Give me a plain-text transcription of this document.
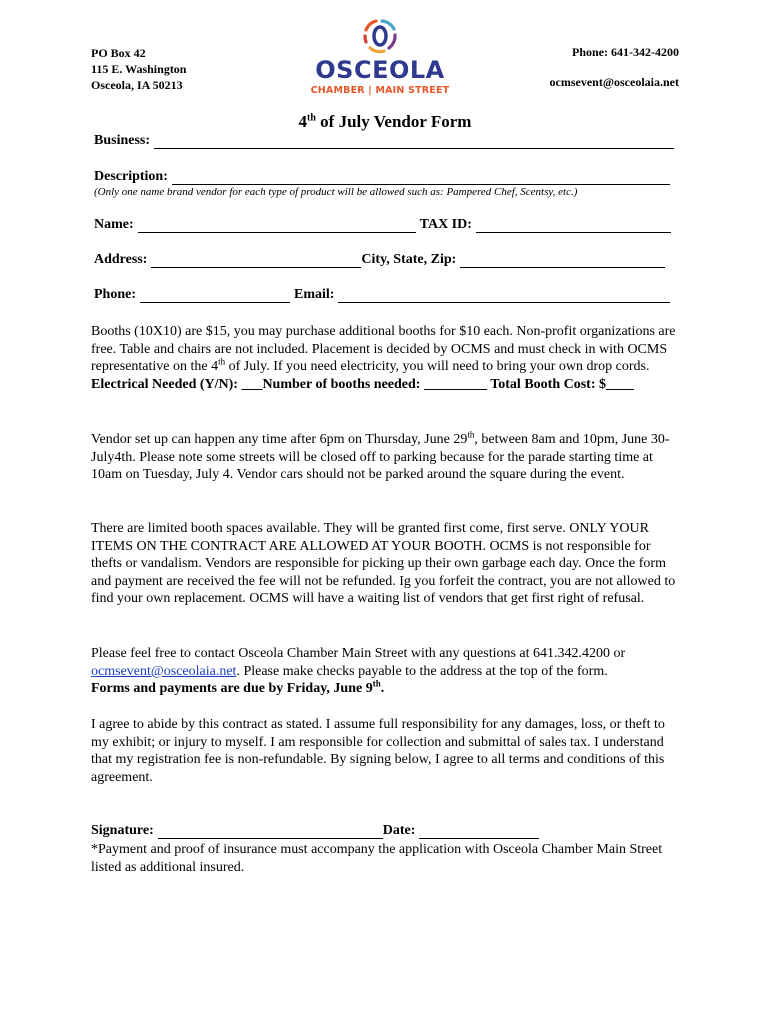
PO Box 42
115 E. Washington
Osceola, IA 50213
OSCEOLA
CHAMBER | MAIN STREET
Phone: 641-342-4200
ocmsevent@osceolaia.net
4th of July Vendor Form
Business:
Description:
(Only one name brand vendor for each type of product will be allowed such as: Pampered Chef, Scentsy, etc.)
Name:	TAX ID:
Address:	City, State, Zip:
Phone:	Email:
Booths (10X10) are $15, you may purchase additional booths for $10 each. Non-profit organizations are free. Table and chairs are not included. Placement is decided by OCMS and must check in with OCMS representative on the 4th of July. If you need electricity, you will need to bring your own drop cords.
Electrical Needed (Y/N): ___Number of booths needed: _________ Total Booth Cost: $____
Vendor set up can happen any time after 6pm on Thursday, June 29th, between 8am and 10pm, June 30-July4th. Please note some streets will be closed off to parking because for the parade starting time at 10am on Tuesday, July 4. Vendor cars should not be parked around the square during the event.
There are limited booth spaces available. They will be granted first come, first serve. ONLY YOUR ITEMS ON THE CONTRACT ARE ALLOWED AT YOUR BOOTH. OCMS is not responsible for thefts or vandalism. Vendors are responsible for picking up their own garbage each day. Once the form and payment are received the fee will not be refunded. Ig you forfeit the contract, you are not allowed to find your own replacement. OCMS will have a waiting list of vendors that get first right of refusal.
Please feel free to contact Osceola Chamber Main Street with any questions at 641.342.4200 or ocmsevent@osceolaia.net. Please make checks payable to the address at the top of the form.
Forms and payments are due by Friday, June 9th.
I agree to abide by this contract as stated. I assume full responsibility for any damages, loss, or theft to my exhibit; or injury to myself. I am responsible for collection and submittal of sales tax. I understand that my registration fee is non-refundable. By signing below, I agree to all terms and conditions of this agreement.
Signature:	Date:
*Payment and proof of insurance must accompany the application with Osceola Chamber Main Street listed as additional insured.
